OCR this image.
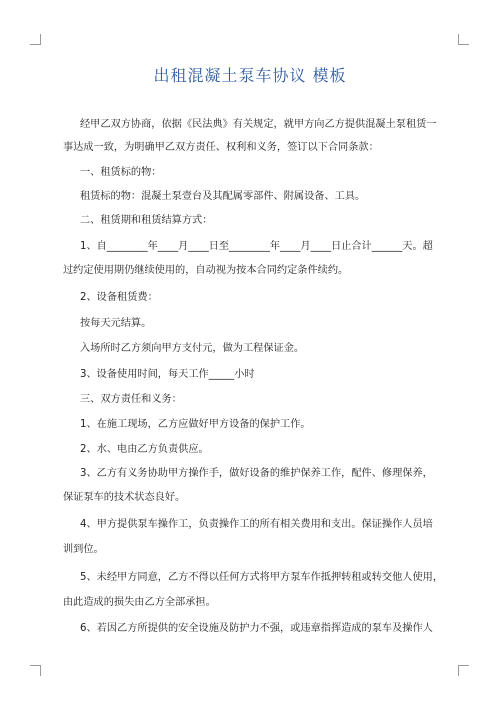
出租混凝土泵车协议 模板

经甲乙双方协商，依据《民法典》有关规定，就甲方向乙方提供混凝土泵租赁一

事达成一致，为明确甲乙双方责任、权利和义务，签订以下合同条款：

一、租赁标的物：

租赁标的物：混凝土泵壹台及其配属零部件、附属设备、工具。

二、租赁期和租赁结算方式：

1、自________年____月____日至________年____月____日止合计______天。超

过约定使用期仍继续使用的，自动视为按本合同约定条件续约。

2、设备租赁费：

按每天元结算。

入场所时乙方须向甲方支付元，做为工程保证金。

3、设备使用时间，每天工作_____小时

三、双方责任和义务：

1、在施工现场，乙方应做好甲方设备的保护工作。

2、水、电由乙方负责供应。

3、乙方有义务协助甲方操作手，做好设备的维护保养工作，配件、修理保养，

保证泵车的技术状态良好。

4、甲方提供泵车操作工，负责操作工的所有相关费用和支出。保证操作人员培

训到位。

5、未经甲方同意，乙方不得以任何方式将甲方泵车作抵押转租或转交他人使用，

由此造成的损失由乙方全部承担。

6、若因乙方所提供的安全设施及防护力不强，或违章指挥造成的泵车及操作人
